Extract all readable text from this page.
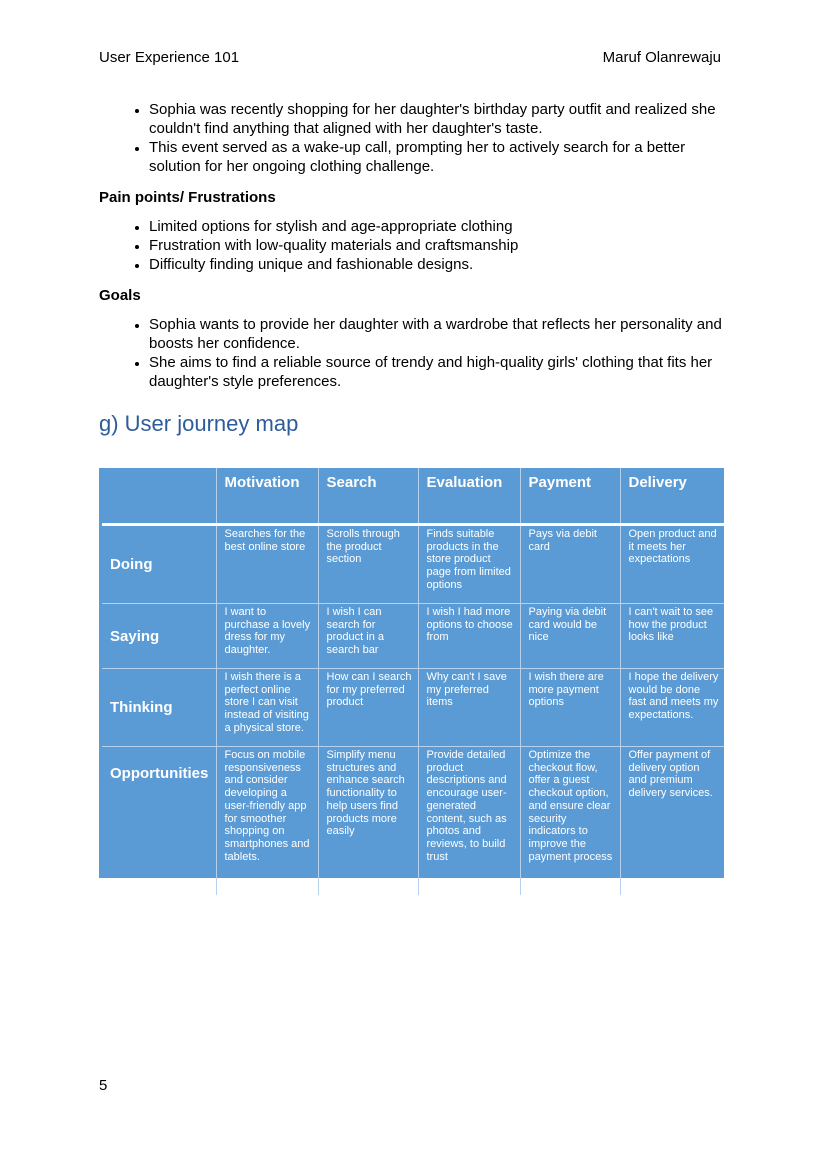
User Experience 101	Maruf Olanrewaju
• Sophia was recently shopping for her daughter's birthday party outfit and realized she couldn't find anything that aligned with her daughter's taste.
• This event served as a wake-up call, prompting her to actively search for a better solution for her ongoing clothing challenge.
Pain points/ Frustrations
• Limited options for stylish and age-appropriate clothing
• Frustration with low-quality materials and craftsmanship
• Difficulty finding unique and fashionable designs.
Goals
• Sophia wants to provide her daughter with a wardrobe that reflects her personality and boosts her confidence.
• She aims to find a reliable source of trendy and high-quality girls' clothing that fits her daughter's style preferences.
g) User journey map
	Motivation	Search	Evaluation	Payment	Delivery
Doing	Searches for the best online store	Scrolls through the product section	Finds suitable products in the store product page from limited options	Pays via debit card	Open product and it meets her expectations
Saying	I want to purchase a lovely dress for my daughter.	I wish I can search for product in a search bar	I wish I had more options to choose from	Paying via debit card would be nice	I can't wait to see how the product looks like
Thinking	I wish there is a perfect online store I can visit instead of visiting a physical store.	How can I search for my preferred product	Why can't I save my preferred items	I wish there are more payment options	I hope the delivery would be done fast and meets my expectations.
Opportunities	Focus on mobile responsiveness and consider developing a user-friendly app for smoother shopping on smartphones and tablets.	Simplify menu structures and enhance search functionality to help users find products more easily	Provide detailed product descriptions and encourage user-generated content, such as photos and reviews, to build trust	Optimize the checkout flow, offer a guest checkout option, and ensure clear security indicators to improve the payment process	Offer payment of delivery option and premium delivery services.
5
